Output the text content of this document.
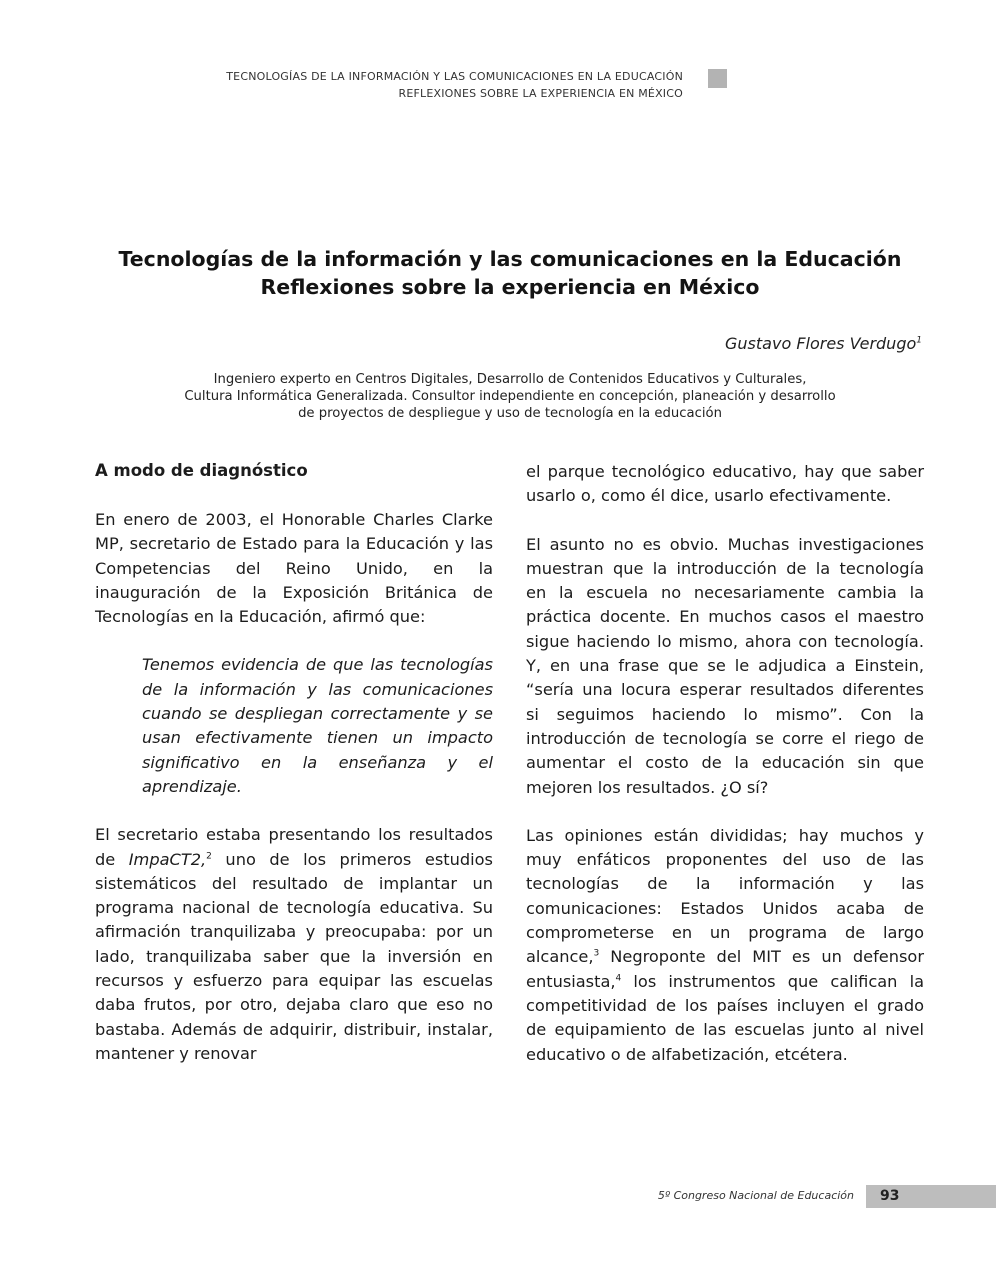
TECNOLOGÍAS DE LA INFORMACIÓN Y LAS COMUNICACIONES EN LA EDUCACIÓN
REFLEXIONES SOBRE LA EXPERIENCIA EN MÉXICO
Tecnologías de la información y las comunicaciones en la Educación
Reflexiones sobre la experiencia en México
Gustavo Flores Verdugo$^1$
Ingeniero experto en Centros Digitales, Desarrollo de Contenidos Educativos y Culturales,
Cultura Informática Generalizada. Consultor independiente en concepción, planeación y desarrollo
de proyectos de despliegue y uso de tecnología en la educación
A modo de diagnóstico

En enero de 2003, el Honorable Charles Clarke MP, secretario de Estado para la Educación y las Competencias del Reino Unido, en la inauguración de la Exposición Británica de Tecnologías en la Educación, afirmó que:

Tenemos evidencia de que las tecnologías de la información y las comunicaciones cuando se despliegan correctamente y se usan efectivamente tienen un impacto significativo en la enseñanza y el aprendizaje.

El secretario estaba presentando los resultados de ImpaCT2,$^2$ uno de los primeros estudios sistemáticos del resultado de implantar un programa nacional de tecnología educativa. Su afirmación tranquilizaba y preocupaba: por un lado, tranquilizaba saber que la inversión en recursos y esfuerzo para equipar las escuelas daba frutos, por otro, dejaba claro que eso no bastaba. Además de adquirir, distribuir, instalar, mantener y renovar

el parque tecnológico educativo, hay que saber usarlo o, como él dice, usarlo efectivamente.

El asunto no es obvio. Muchas investigaciones muestran que la introducción de la tecnología en la escuela no necesariamente cambia la práctica docente. En muchos casos el maestro sigue haciendo lo mismo, ahora con tecnología. Y, en una frase que se le adjudica a Einstein, “sería una locura esperar resultados diferentes si seguimos haciendo lo mismo”. Con la introducción de tecnología se corre el riego de aumentar el costo de la educación sin que mejoren los resultados. ¿O sí?

Las opiniones están divididas; hay muchos y muy enfáticos proponentes del uso de las tecnologías de la información y las comunicaciones: Estados Unidos acaba de comprometerse en un programa de largo alcance,$^3$ Negroponte del MIT es un defensor entusiasta,$^4$ los instrumentos que califican la competitividad de los países incluyen el grado de equipamiento de las escuelas junto al nivel educativo o de alfabetización, etcétera.

5º Congreso Nacional de Educación 93
